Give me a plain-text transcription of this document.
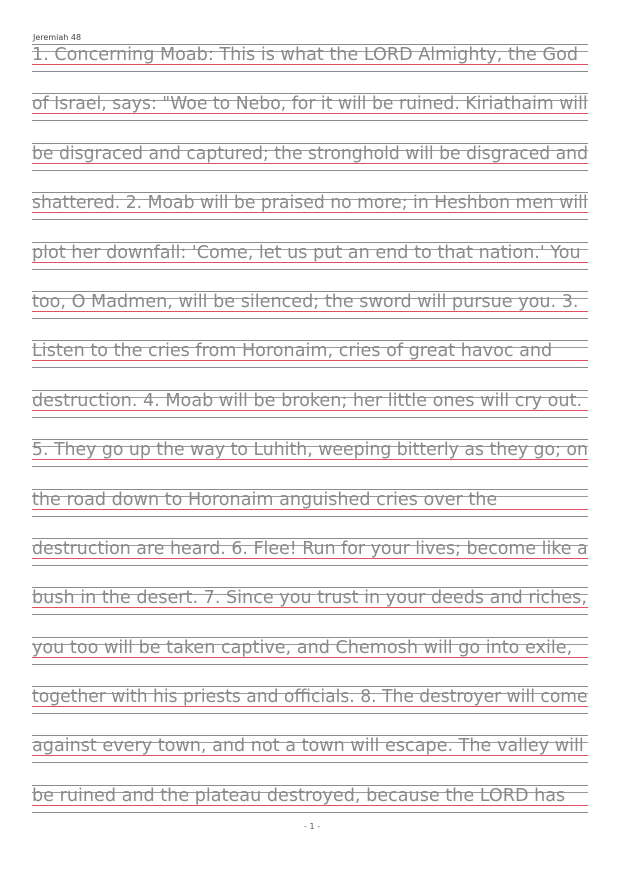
Jeremiah 48
1. Concerning Moab: This is what the LORD Almighty, the God
of Israel, says: "Woe to Nebo, for it will be ruined. Kiriathaim will
be disgraced and captured; the stronghold will be disgraced and
shattered. 2. Moab will be praised no more; in Heshbon men will
plot her downfall: 'Come, let us put an end to that nation.' You
too, O Madmen, will be silenced; the sword will pursue you. 3.
Listen to the cries from Horonaim, cries of great havoc and
destruction. 4. Moab will be broken; her little ones will cry out.
5. They go up the way to Luhith, weeping bitterly as they go; on
the road down to Horonaim anguished cries over the
destruction are heard. 6. Flee! Run for your lives; become like a
bush in the desert. 7. Since you trust in your deeds and riches,
you too will be taken captive, and Chemosh will go into exile,
together with his priests and officials. 8. The destroyer will come
against every town, and not a town will escape. The valley will
be ruined and the plateau destroyed, because the LORD has
- 1 -
